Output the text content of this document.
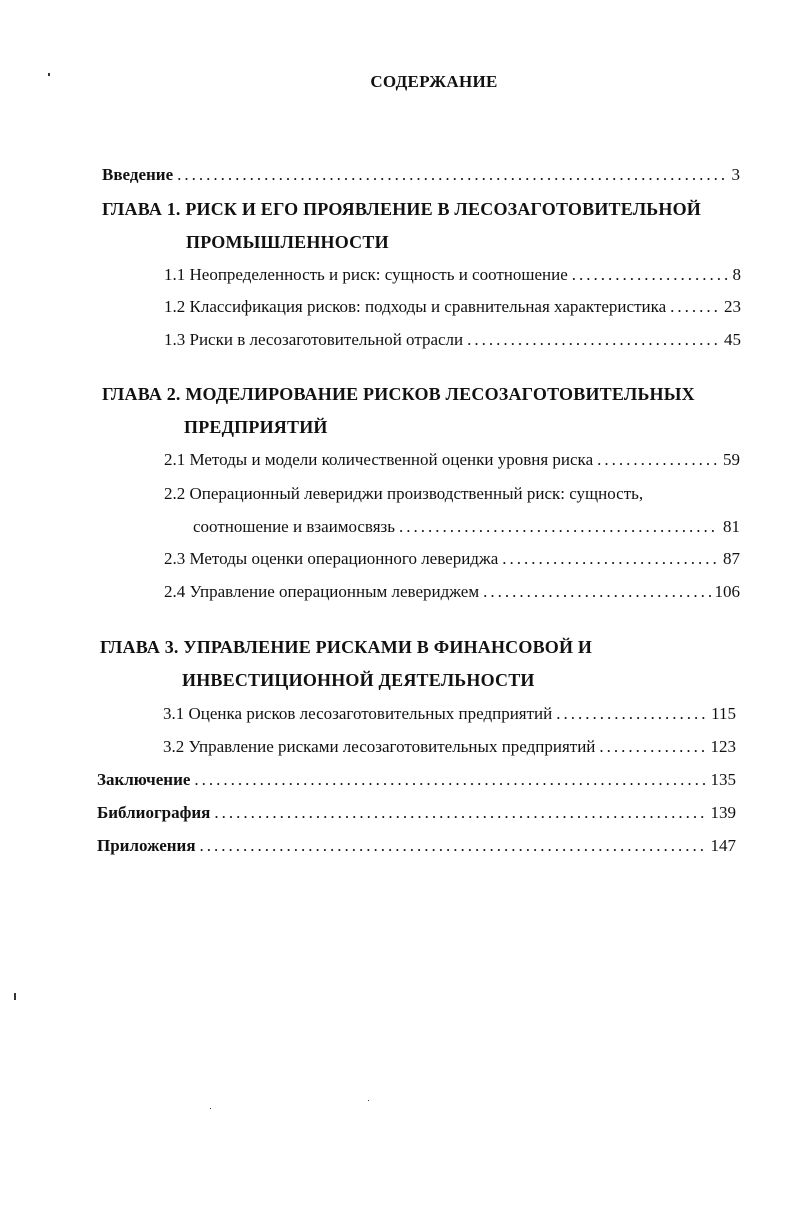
СОДЕРЖАНИЕ
Введение .....	3
ГЛАВА 1. РИСК И ЕГО ПРОЯВЛЕНИЕ В ЛЕСОЗАГОТОВИТЕЛЬНОЙ
ПРОМЫШЛЕННОСТИ
1.1 Неопределенность и риск: сущность и соотношение .....	8
1.2 Классификация рисков: подходы и сравнительная характеристика .....	23
1.3 Риски в лесозаготовительной отрасли .....	45
ГЛАВА 2. МОДЕЛИРОВАНИЕ РИСКОВ ЛЕСОЗАГОТОВИТЕЛЬНЫХ
ПРЕДПРИЯТИЙ
2.1 Методы и модели количественной оценки уровня риска .....	59
2.2 Операционный левериджи производственный риск: сущность,
соотношение и взаимосвязь .....	81
2.3 Методы оценки операционного левериджа .....	87
2.4 Управление операционным левериджем .....	106
ГЛАВА 3. УПРАВЛЕНИЕ РИСКАМИ В ФИНАНСОВОЙ И
ИНВЕСТИЦИОННОЙ ДЕЯТЕЛЬНОСТИ
3.1 Оценка рисков лесозаготовительных предприятий .....	115
3.2 Управление рисками лесозаготовительных предприятий .....	123
Заключение .....	135
Библиография .....	139
Приложения .....	147
